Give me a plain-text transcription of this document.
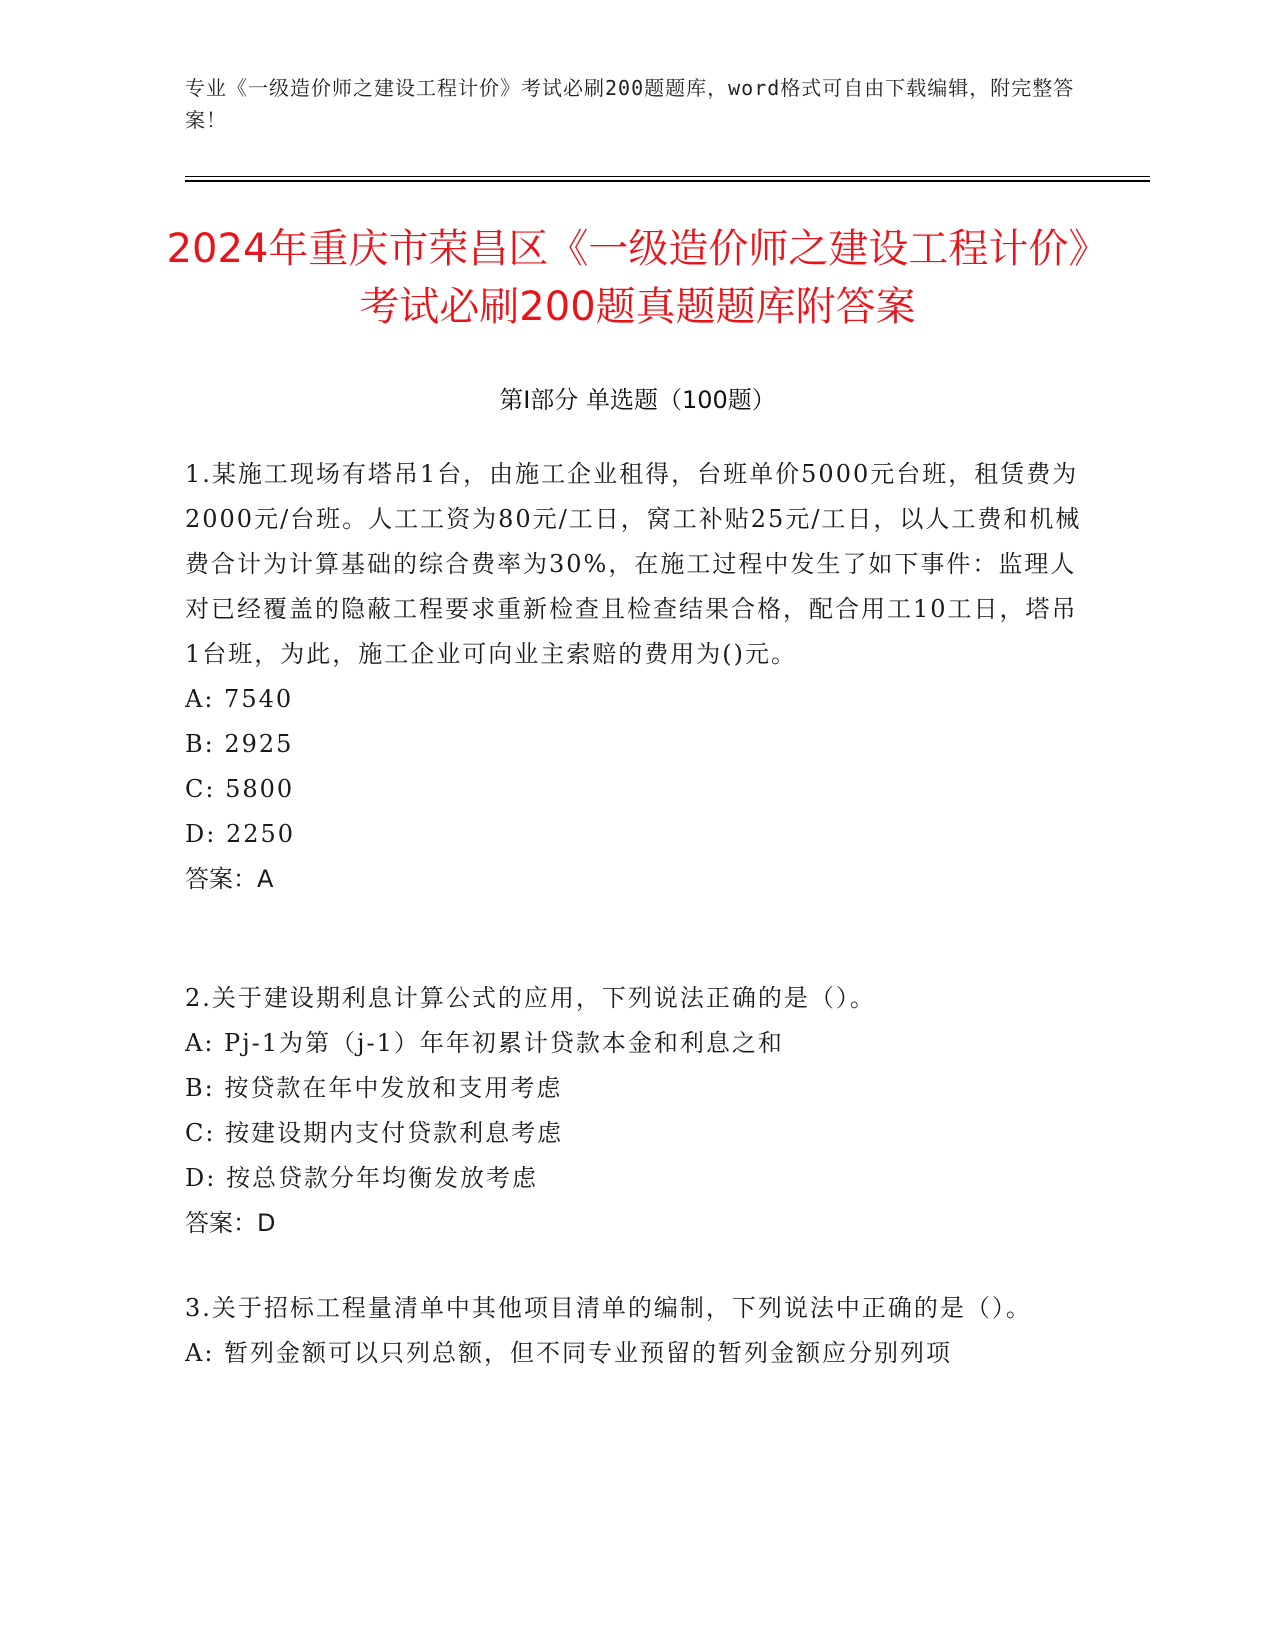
专业《一级造价师之建设工程计价》考试必刷200题题库，word格式可自由下载编辑，附完整答案！
2024年重庆市荣昌区《一级造价师之建设工程计价》考试必刷200题真题题库附答案
第Ⅰ部分 单选题（100题）

1.某施工现场有塔吊1台，由施工企业租得，台班单价5000元台班，租赁费为2000元/台班。人工工资为80元/工日，窝工补贴25元/工日，以人工费和机械费合计为计算基础的综合费率为30%，在施工过程中发生了如下事件：监理人对已经覆盖的隐蔽工程要求重新检查且检查结果合格，配合用工10工日，塔吊1台班，为此，施工企业可向业主索赔的费用为()元。

A: 7540

B: 2925

C: 5800

D: 2250

答案：A

2.关于建设期利息计算公式的应用，下列说法正确的是（）。

A: Pj-1为第（j-1）年年初累计贷款本金和利息之和

B: 按贷款在年中发放和支用考虑

C: 按建设期内支付贷款利息考虑

D: 按总贷款分年均衡发放考虑

答案：D

3.关于招标工程量清单中其他项目清单的编制，下列说法中正确的是（）。

A: 暂列金额可以只列总额，但不同专业预留的暂列金额应分别列项
